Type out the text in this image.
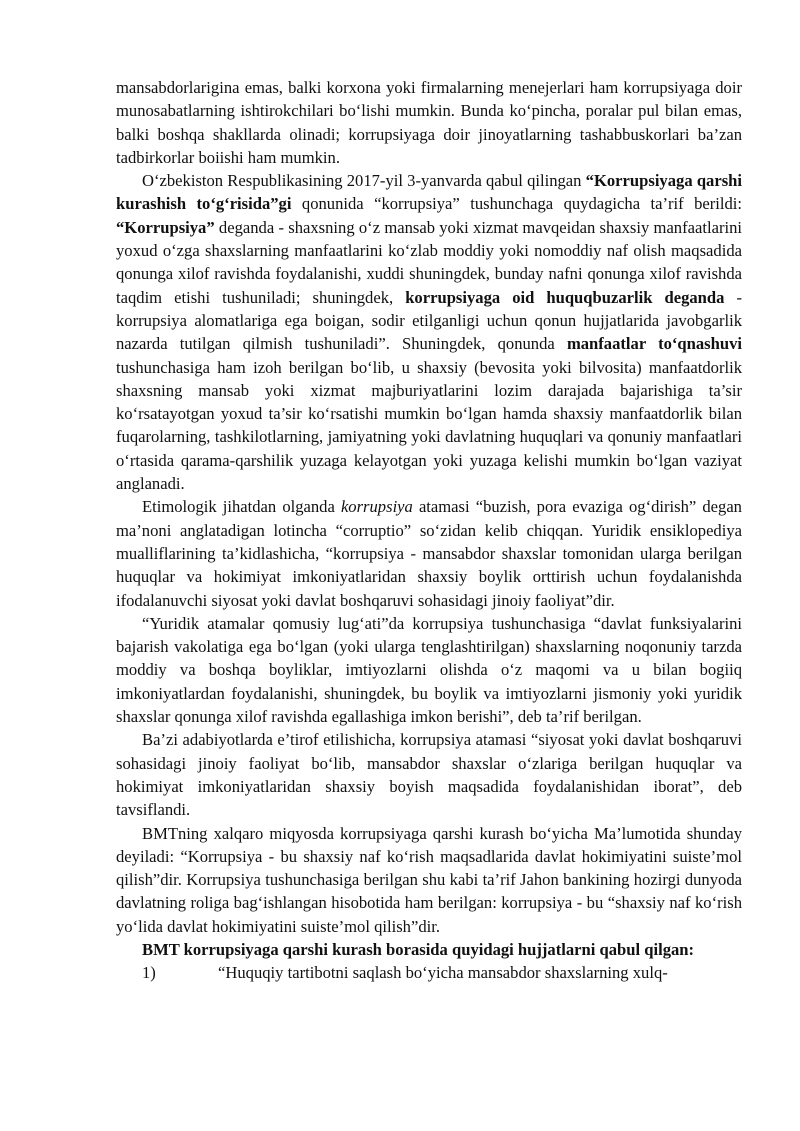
mansabdorlarigina emas, balki korxona yoki firmalarning menejerlari ham korrupsiyaga doir munosabatlarning ishtirokchilari bo‘lishi mumkin. Bunda ko‘pincha, poralar pul bilan emas, balki boshqa shakllarda olinadi; korrupsiyaga doir jinoyatlarning tashabbuskorlari ba’zan tadbirkorlar boiishi ham mumkin.

O‘zbekiston Respublikasining 2017-yil 3-yanvarda qabul qilingan “Korrupsiyaga qarshi kurashish to‘g‘risida”gi qonunida “korrupsiya” tushunchaga quydagicha ta’rif berildi: “Korrupsiya” deganda - shaxsning o‘z mansab yoki xizmat mavqeidan shaxsiy manfaatlarini yoxud o‘zga shaxslarning manfaatlarini ko‘zlab moddiy yoki nomoddiy naf olish maqsadida qonunga xilof ravishda foydalanishi, xuddi shuningdek, bunday nafni qonunga xilof ravishda taqdim etishi tushuniladi; shuningdek, korrupsiyaga oid huquqbuzarlik deganda - korrupsiya alomatlariga ega boigan, sodir etilganligi uchun qonun hujjatlarida javobgarlik nazarda tutilgan qilmish tushuniladi”. Shuningdek, qonunda manfaatlar to‘qnashuvi tushunchasiga ham izoh berilgan bo‘lib, u shaxsiy (bevosita yoki bilvosita) manfaatdorlik shaxsning mansab yoki xizmat majburiyatlarini lozim darajada bajarishiga ta’sir ko‘rsatayotgan yoxud ta’sir ko‘rsatishi mumkin bo‘lgan hamda shaxsiy manfaatdorlik bilan fuqarolarning, tashkilotlarning, jamiyatning yoki davlatning huquqlari va qonuniy manfaatlari o‘rtasida qarama-qarshilik yuzaga kelayotgan yoki yuzaga kelishi mumkin bo‘lgan vaziyat anglanadi.

Etimologik jihatdan olganda korrupsiya atamasi “buzish, pora evaziga og‘dirish” degan ma’noni anglatadigan lotincha “corruptio” so‘zidan kelib chiqqan. Yuridik ensiklopediya mualliflarining ta’kidlashicha, “korrupsiya - mansabdor shaxslar tomonidan ularga berilgan huquqlar va hokimiyat imkoniyatlaridan shaxsiy boylik orttirish uchun foydalanishda ifodalanuvchi siyosat yoki davlat boshqaruvi sohasidagi jinoiy faoliyat”dir.

“Yuridik atamalar qomusiy lug‘ati”da korrupsiya tushunchasiga “davlat funksiyalarini bajarish vakolatiga ega bo‘lgan (yoki ularga tenglashtirilgan) shaxslarning noqonuniy tarzda moddiy va boshqa boyliklar, imtiyozlarni olishda o‘z maqomi va u bilan bogiiq imkoniyatlardan foydalanishi, shuningdek, bu boylik va imtiyozlarni jismoniy yoki yuridik shaxslar qonunga xilof ravishda egallashiga imkon berishi”, deb ta’rif berilgan.

Ba’zi adabiyotlarda e’tirof etilishicha, korrupsiya atamasi “siyosat yoki davlat boshqaruvi sohasidagi jinoiy faoliyat bo‘lib, mansabdor shaxslar o‘zlariga berilgan huquqlar va hokimiyat imkoniyatlaridan shaxsiy boyish maqsadida foydalanishidan iborat”, deb tavsiflandi.

BMTning xalqaro miqyosda korrupsiyaga qarshi kurash bo‘yicha Ma’lumotida shunday deyiladi: “Korrupsiya - bu shaxsiy naf ko‘rish maqsadlarida davlat hokimiyatini suiste’mol qilish”dir. Korrupsiya tushunchasiga berilgan shu kabi ta’rif Jahon bankining hozirgi dunyoda davlatning roliga bag‘ishlangan hisobotida ham berilgan: korrupsiya - bu “shaxsiy naf ko‘rish yo‘lida davlat hokimiyatini suiste’mol qilish”dir.

BMT korrupsiyaga qarshi kurash borasida quyidagi hujjatlarni qabul qilgan:

1)	“Huquqiy tartibotni saqlash bo‘yicha mansabdor shaxslarning xulq-
